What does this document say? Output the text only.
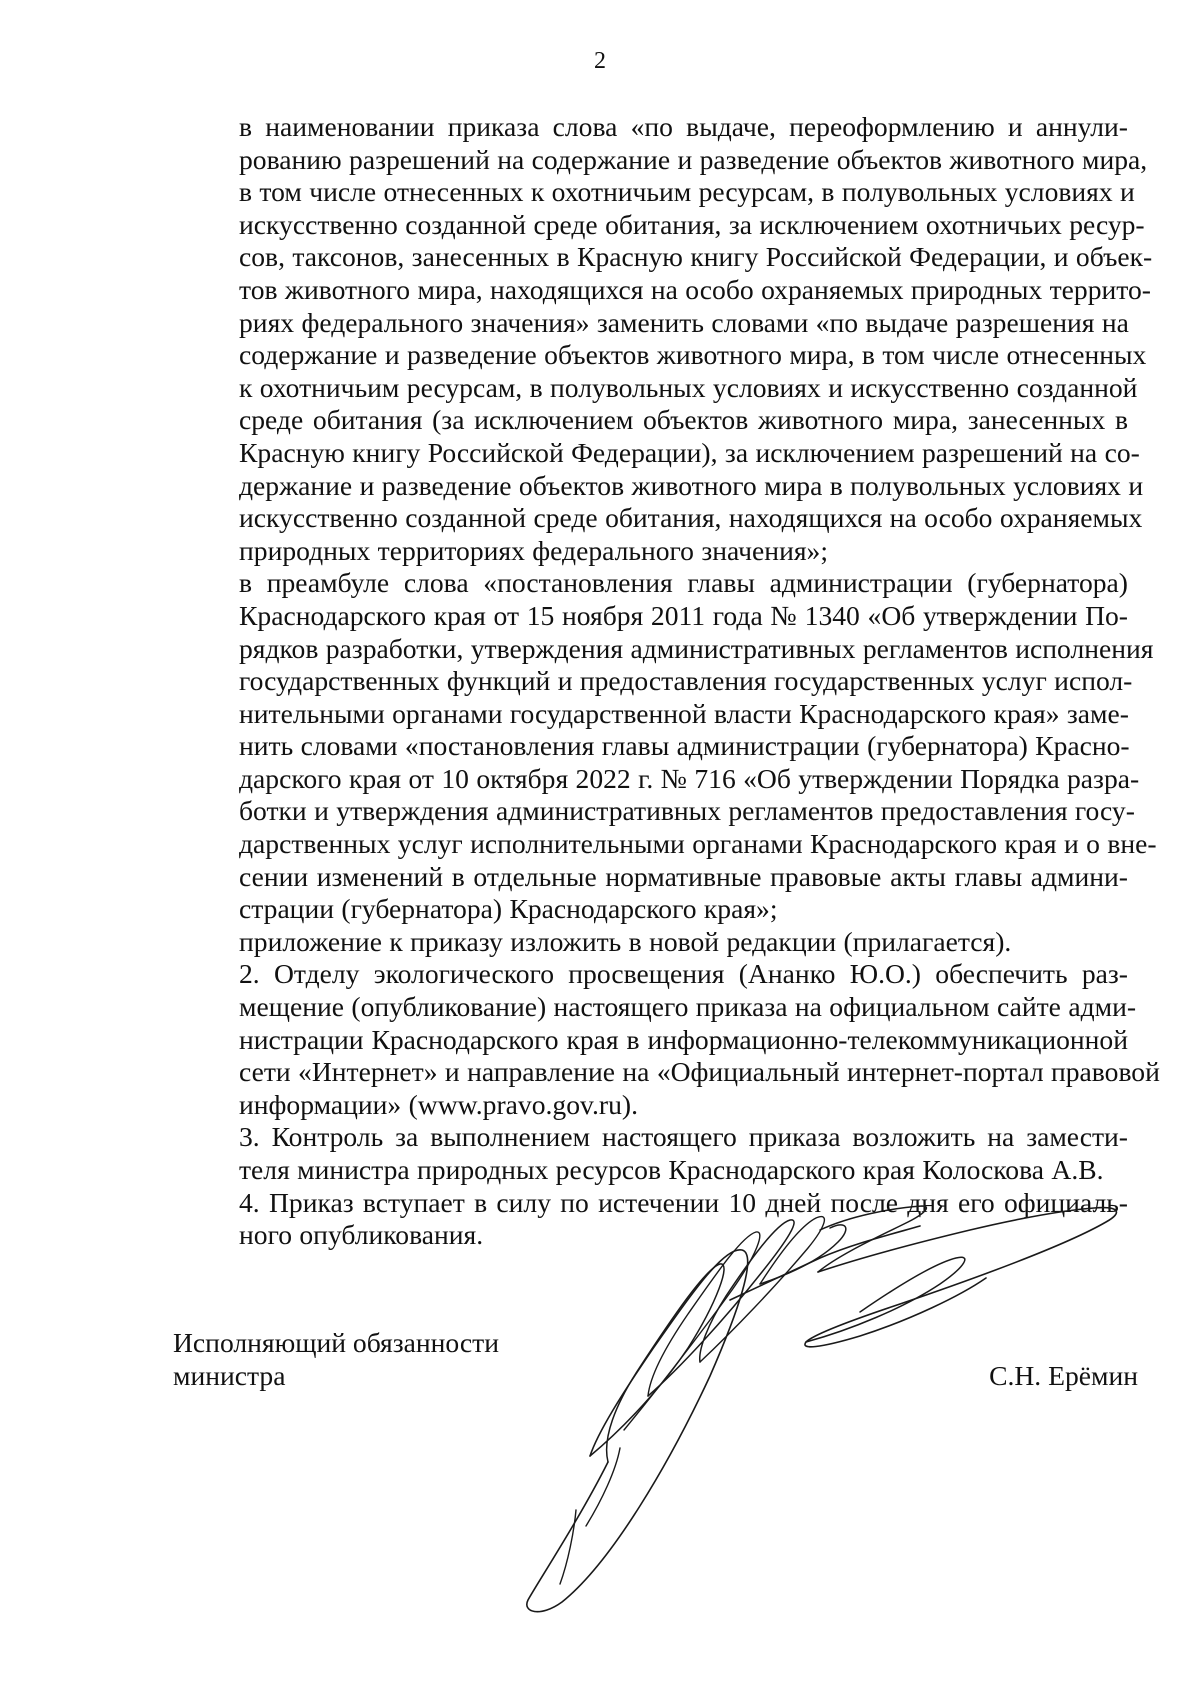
2

в наименовании приказа слова «по выдаче, переоформлению и аннули-
рованию разрешений на содержание и разведение объектов животного мира,
в том числе отнесенных к охотничьим ресурсам, в полувольных условиях и
искусственно созданной среде обитания, за исключением охотничьих ресур-
сов, таксонов, занесенных в Красную книгу Российской Федерации, и объек-
тов животного мира, находящихся на особо охраняемых природных террито-
риях федерального значения» заменить словами «по выдаче разрешения на
содержание и разведение объектов животного мира, в том числе отнесенных
к охотничьим ресурсам, в полувольных условиях и искусственно созданной
среде обитания (за исключением объектов животного мира, занесенных в
Красную книгу Российской Федерации), за исключением разрешений на со-
держание и разведение объектов животного мира в полувольных условиях и
искусственно созданной среде обитания, находящихся на особо охраняемых
природных территориях федерального значения»;

в преамбуле слова «постановления главы администрации (губернатора)
Краснодарского края от 15 ноября 2011 года № 1340 «Об утверждении По-
рядков разработки, утверждения административных регламентов исполнения
государственных функций и предоставления государственных услуг испол-
нительными органами государственной власти Краснодарского края» заме-
нить словами «постановления главы администрации (губернатора) Красно-
дарского края от 10 октября 2022 г. № 716 «Об утверждении Порядка разра-
ботки и утверждения административных регламентов предоставления госу-
дарственных услуг исполнительными органами Краснодарского края и о вне-
сении изменений в отдельные нормативные правовые акты главы админи-
страции (губернатора) Краснодарского края»;

приложение к приказу изложить в новой редакции (прилагается).

2. Отделу экологического просвещения (Ананко Ю.О.) обеспечить раз-
мещение (опубликование) настоящего приказа на официальном сайте адми-
нистрации Краснодарского края в информационно-телекоммуникационной
сети «Интернет» и направление на «Официальный интернет-портал правовой
информации» (www.pravo.gov.ru).

3. Контроль за выполнением настоящего приказа возложить на замести-
теля министра природных ресурсов Краснодарского края Колоскова А.В.

4. Приказ вступает в силу по истечении 10 дней после дня его официаль-
ного опубликования.

Исполняющий обязанности
министра	С.Н. Ерёмин
